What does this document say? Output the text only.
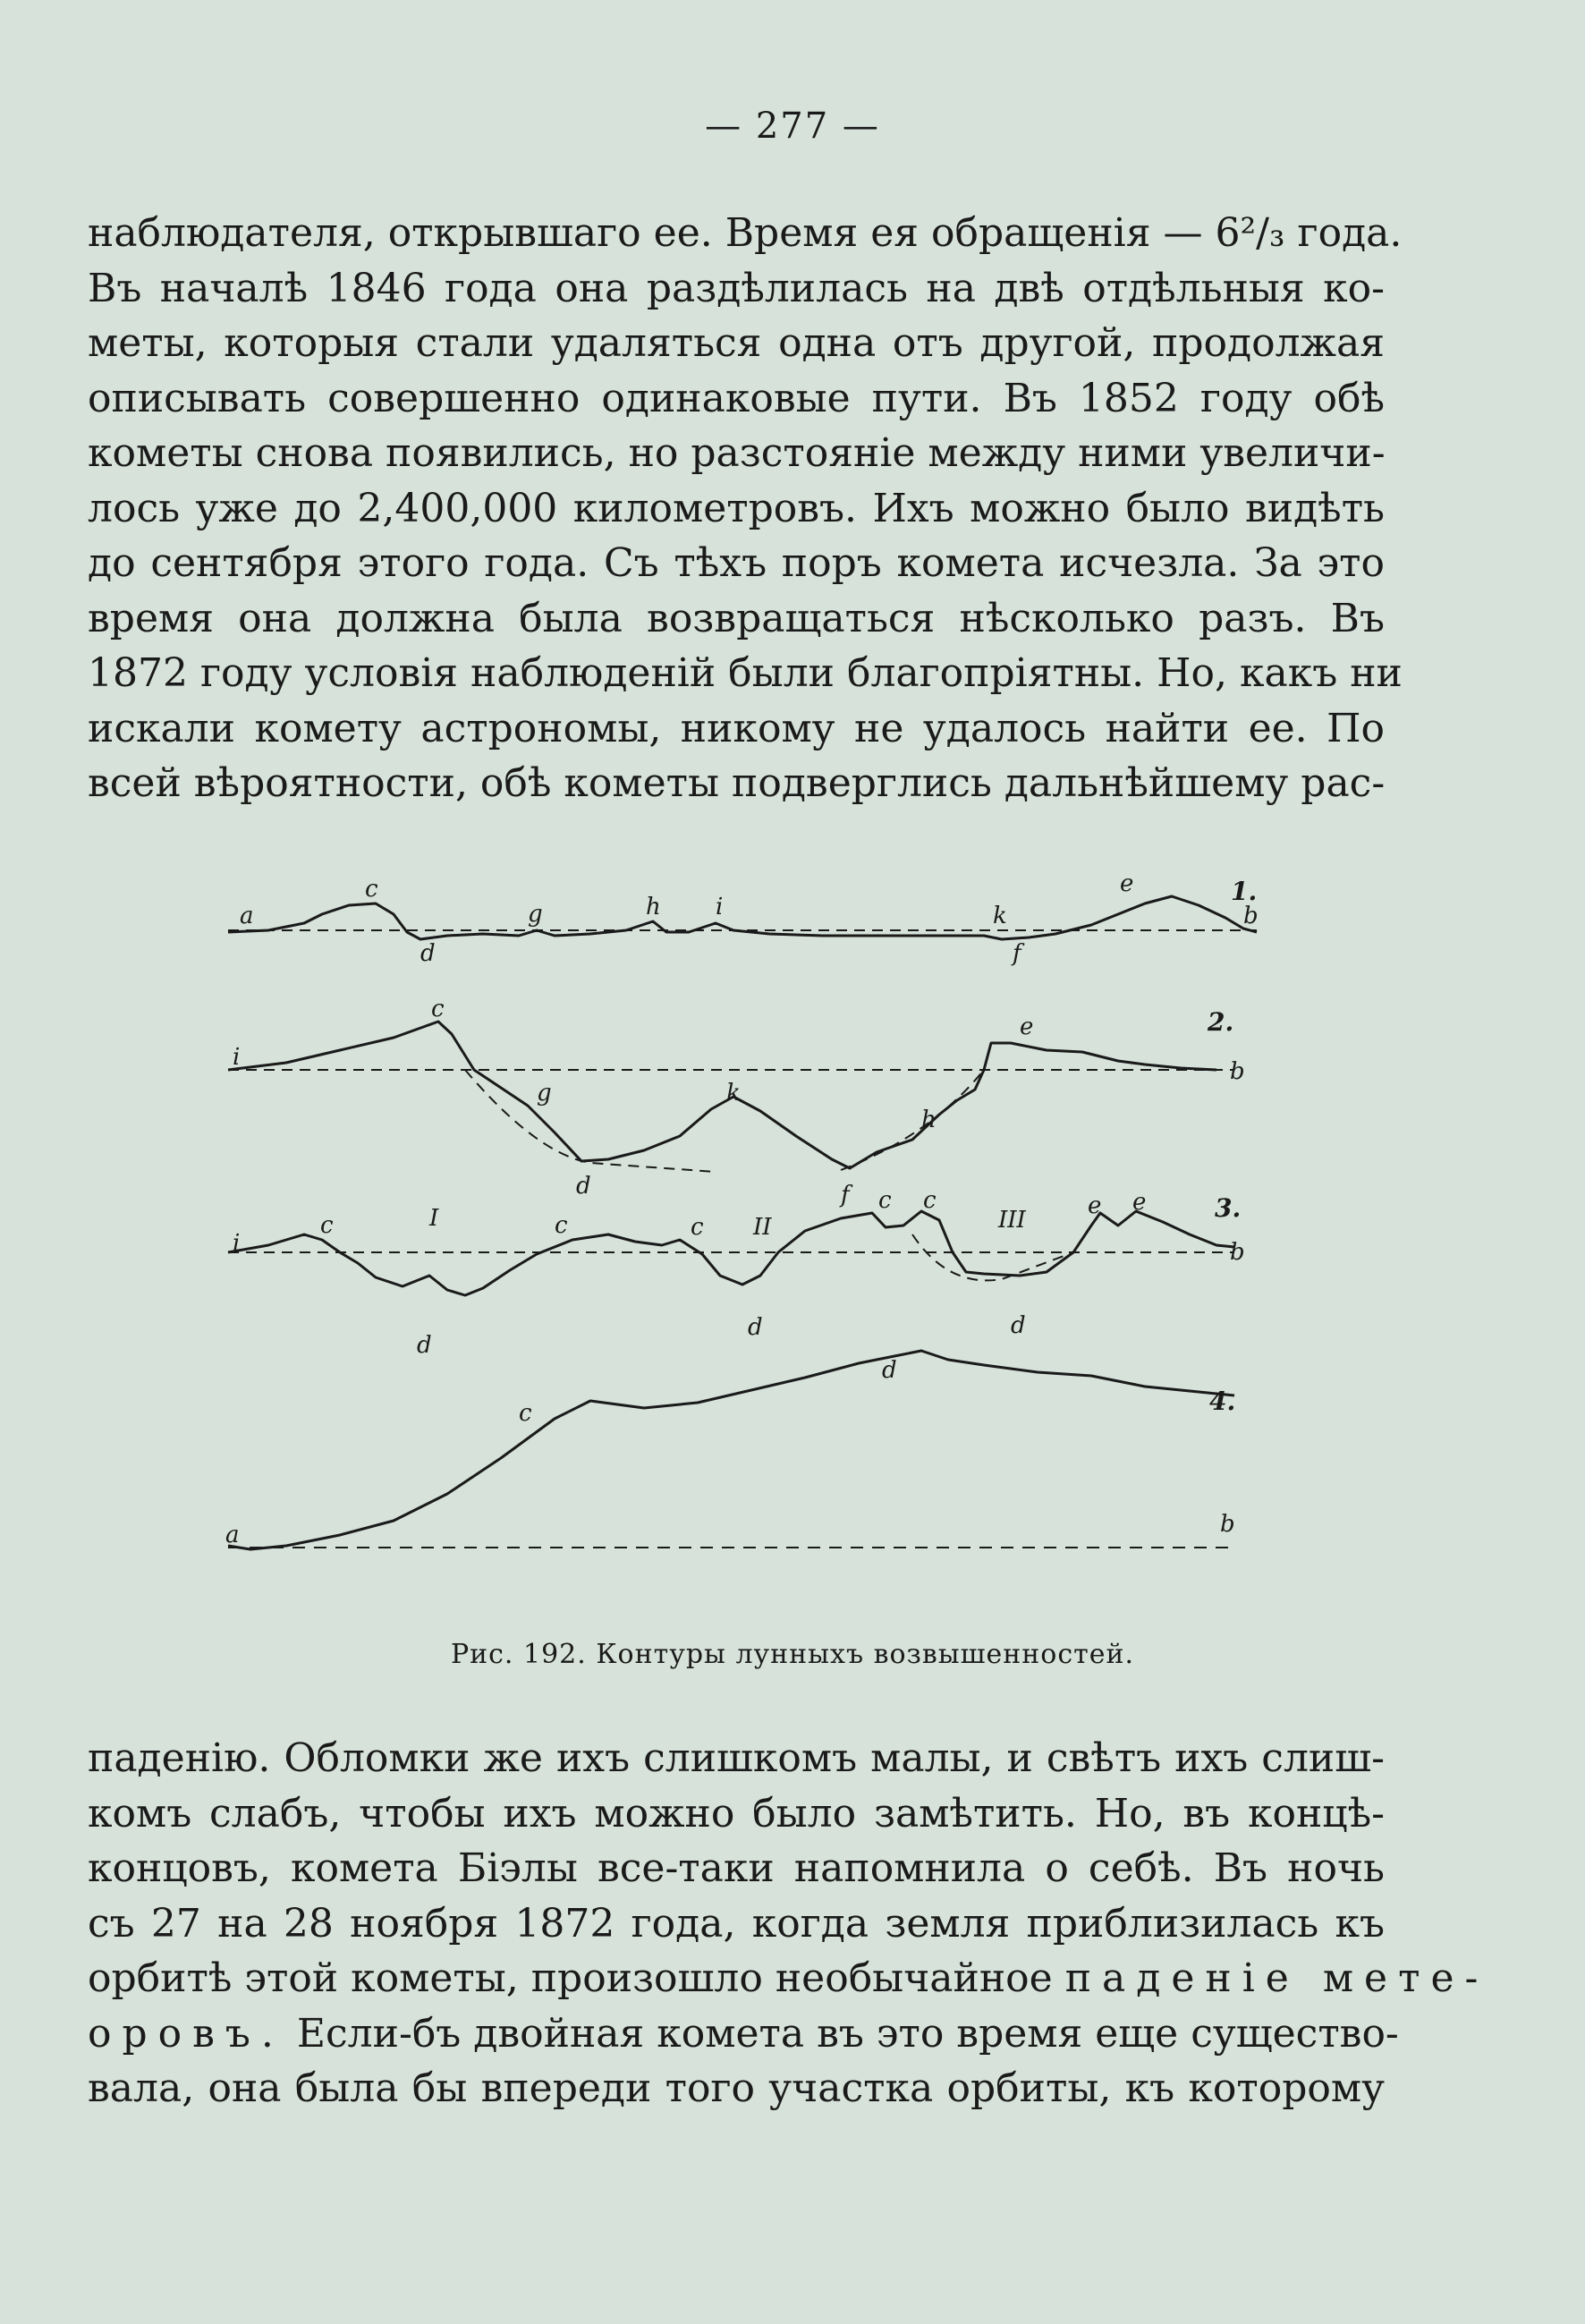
— 277 —
наблюдателя, открывшаго ее. Время ея обращенія — 6²/₃ года.
Въ началѣ 1846 года она раздѣлилась на двѣ отдѣльныя ко-
меты, которыя стали удаляться одна отъ другой, продолжая
описывать совершенно одинаковые пути. Въ 1852 году обѣ
кометы снова появились, но разстояніе между ними увеличи-
лось уже до 2,400,000 километровъ. Ихъ можно было видѣть
до сентября этого года. Съ тѣхъ поръ комета исчезла. За это
время она должна была возвращаться нѣсколько разъ. Въ
1872 году условія наблюденій были благопріятны. Но, какъ ни
искали комету астрономы, никому не удалось найти ее. По
всей вѣроятности, обѣ кометы подверглись дальнѣйшему рас-
a
c
d
g	h i	k
f
e
b
1.
i
c
g
d
k
f
h
e
b
2.
i
c	I
d
c	c II
d
c c
III
d
e e
b
3.
a
c
d
b
4.
Рис. 192. Контуры лунныхъ возвышенностей.
паденію. Обломки же ихъ слишкомъ малы, и свѣтъ ихъ слиш-
комъ слабъ, чтобы ихъ можно было замѣтить. Но, въ концѣ-
концовъ, комета Біэлы все-таки напомнила о себѣ. Въ ночь
съ 27 на 28 ноября 1872 года, когда земля приблизилась къ
орбитѣ этой кометы, произошло необычайное паденіе мете-
оровъ. Если-бъ двойная комета въ это время еще существо-
вала, она была бы впереди того участка орбиты, къ которому
